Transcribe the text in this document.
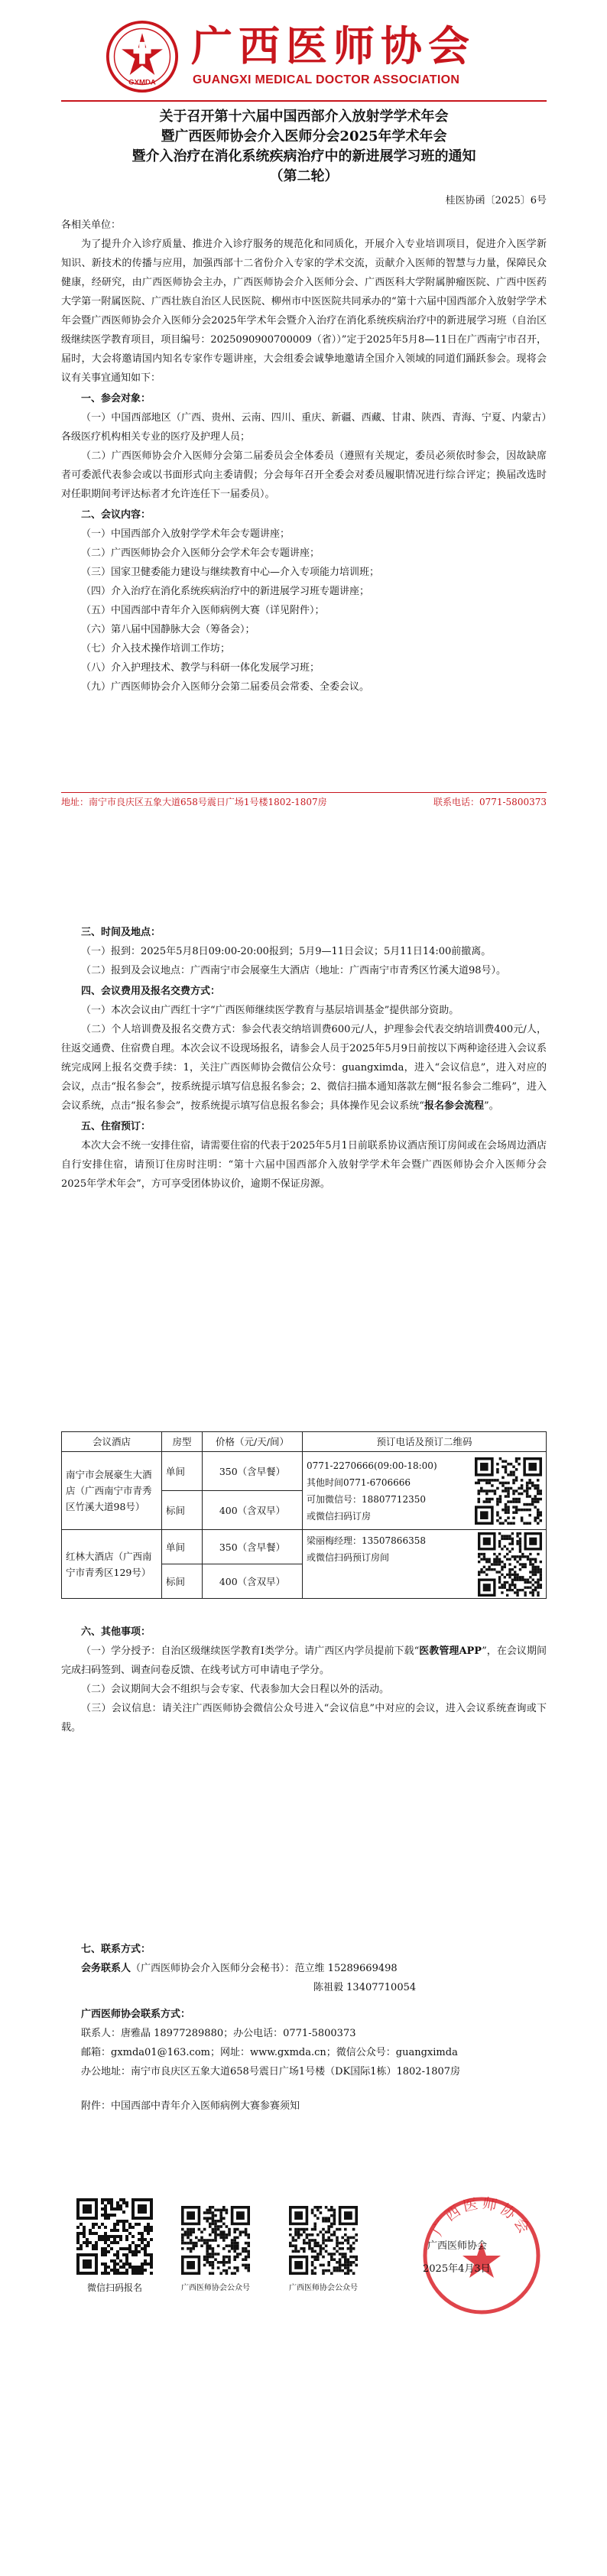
GXMDA
广西医师协会
GUANGXI MEDICAL DOCTOR ASSOCIATION
关于召开第十六届中国西部介入放射学学术年会
暨广西医师协会介入医师分会2025年学术年会
暨介入治疗在消化系统疾病治疗中的新进展学习班的通知
（第二轮）
桂医协函〔2025〕6号

各相关单位：

为了提升介入诊疗质量、推进介入诊疗服务的规范化和同质化，开展介入专业培训项目，促进介入医学新知识、新技术的传播与应用，加强西部十二省份介入专家的学术交流，贡献介入医师的智慧与力量，保障民众健康，经研究，由广西医师协会主办，广西医师协会介入医师分会、广西医科大学附属肿瘤医院、广西中医药大学第一附属医院、广西壮族自治区人民医院、柳州市中医医院共同承办的“第十六届中国西部介入放射学学术年会暨广西医师协会介入医师分会2025年学术年会暨介入治疗在消化系统疾病治疗中的新进展学习班（自治区级继续医学教育项目，项目编号：2025090900700009（省））”定于2025年5月8—11日在广西南宁市召开，届时，大会将邀请国内知名专家作专题讲座，大会组委会诚挚地邀请全国介入领域的同道们踊跃参会。现将会议有关事宜通知如下：

一、参会对象：

（一）中国西部地区（广西、贵州、云南、四川、重庆、新疆、西藏、甘肃、陕西、青海、宁夏、内蒙古）各级医疗机构相关专业的医疗及护理人员；

（二）广西医师协会介入医师分会第二届委员会全体委员（遵照有关规定，委员必须依时参会，因故缺席者可委派代表参会或以书面形式向主委请假；分会每年召开全委会对委员履职情况进行综合评定；换届改选时对任职期间考评达标者才允许连任下一届委员）。

二、会议内容：

（一）中国西部介入放射学学术年会专题讲座；

（二）广西医师协会介入医师分会学术年会专题讲座；

（三）国家卫健委能力建设与继续教育中心—介入专项能力培训班；

（四）介入治疗在消化系统疾病治疗中的新进展学习班专题讲座；

（五）中国西部中青年介入医师病例大赛（详见附件）；

（六）第八届中国静脉大会（筹备会）；

（七）介入技术操作培训工作坊；

（八）介入护理技术、教学与科研一体化发展学习班；

（九）广西医师协会介入医师分会第二届委员会常委、全委会议。

地址：南宁市良庆区五象大道658号震日广场1号楼1802-1807房	联系电话：0771-5800373

三、时间及地点：

（一）报到：2025年5月8日09:00-20:00报到；5月9—11日会议；5月11日14:00前撤离。

（二）报到及会议地点：广西南宁市会展豪生大酒店（地址：广西南宁市青秀区竹溪大道98号）。

四、会议费用及报名交费方式：

（一）本次会议由广西红十字“广西医师继续医学教育与基层培训基金”提供部分资助。

（二）个人培训费及报名交费方式：参会代表交纳培训费600元/人，护理参会代表交纳培训费400元/人，往返交通费、住宿费自理。本次会议不设现场报名，请参会人员于2025年5月9日前按以下两种途径进入会议系统完成网上报名交费手续：1，关注广西医师协会微信公众号：guangximda，进入“会议信息”，进入对应的会议，点击“报名参会”，按系统提示填写信息报名参会；2、微信扫描本通知落款左侧“报名参会二维码”，进入会议系统，点击“报名参会”，按系统提示填写信息报名参会；具体操作见会议系统“报名参会流程”。

五、住宿预订：

本次大会不统一安排住宿，请需要住宿的代表于2025年5月1日前联系协议酒店预订房间或在会场周边酒店自行安排住宿，请预订住房时注明：“第十六届中国西部介入放射学学术年会暨广西医师协会介入医师分会2025年学术年会”，方可享受团体协议价，逾期不保证房源。

会议酒店	房型	价格（元/天/间）	预订电话及预订二维码
南宁市会展豪生大酒店（广西南宁市青秀区竹溪大道98号）	单间	350（含早餐）	0771-2270666(09:00-18:00)
其他时间0771-6706666
可加微信号：18807712350
或微信扫码订房

	标间	400（含双早）	
红林大酒店（广西南宁市青秀区129号）	单间	350（含早餐）	梁丽梅经理：13507866358
或微信扫码预订房间

	标间	400（含双早）	

六、其他事项：

（一）学分授予：自治区级继续医学教育Ⅰ类学分。请广西区内学员提前下载“医教管理APP”，在会议期间完成扫码签到、调查问卷反馈、在线考试方可申请电子学分。

（二）会议期间大会不组织与会专家、代表参加大会日程以外的活动。

（三）会议信息：请关注广西医师协会微信公众号进入“会议信息”中对应的会议，进入会议系统查询或下载。

七、联系方式：

会务联系人（广西医师协会介入医师分会秘书）：范立维 15289669498

陈祖毅 13407710054

广西医师协会联系方式：

联系人：唐雅晶 18977289880；办公电话：0771-5800373

邮箱：gxmda01@163.com；网址：www.gxmda.cn；微信公众号：guangximda

办公地址：南宁市良庆区五象大道658号震日广场1号楼（DK国际1栋）1802-1807房

附件：中国西部中青年介入医师病例大赛参赛须知

微信扫码报名	广西医师协会公众号	广西医师协会公众号
广西医师协会
广西医师协会
2025年4月3日
